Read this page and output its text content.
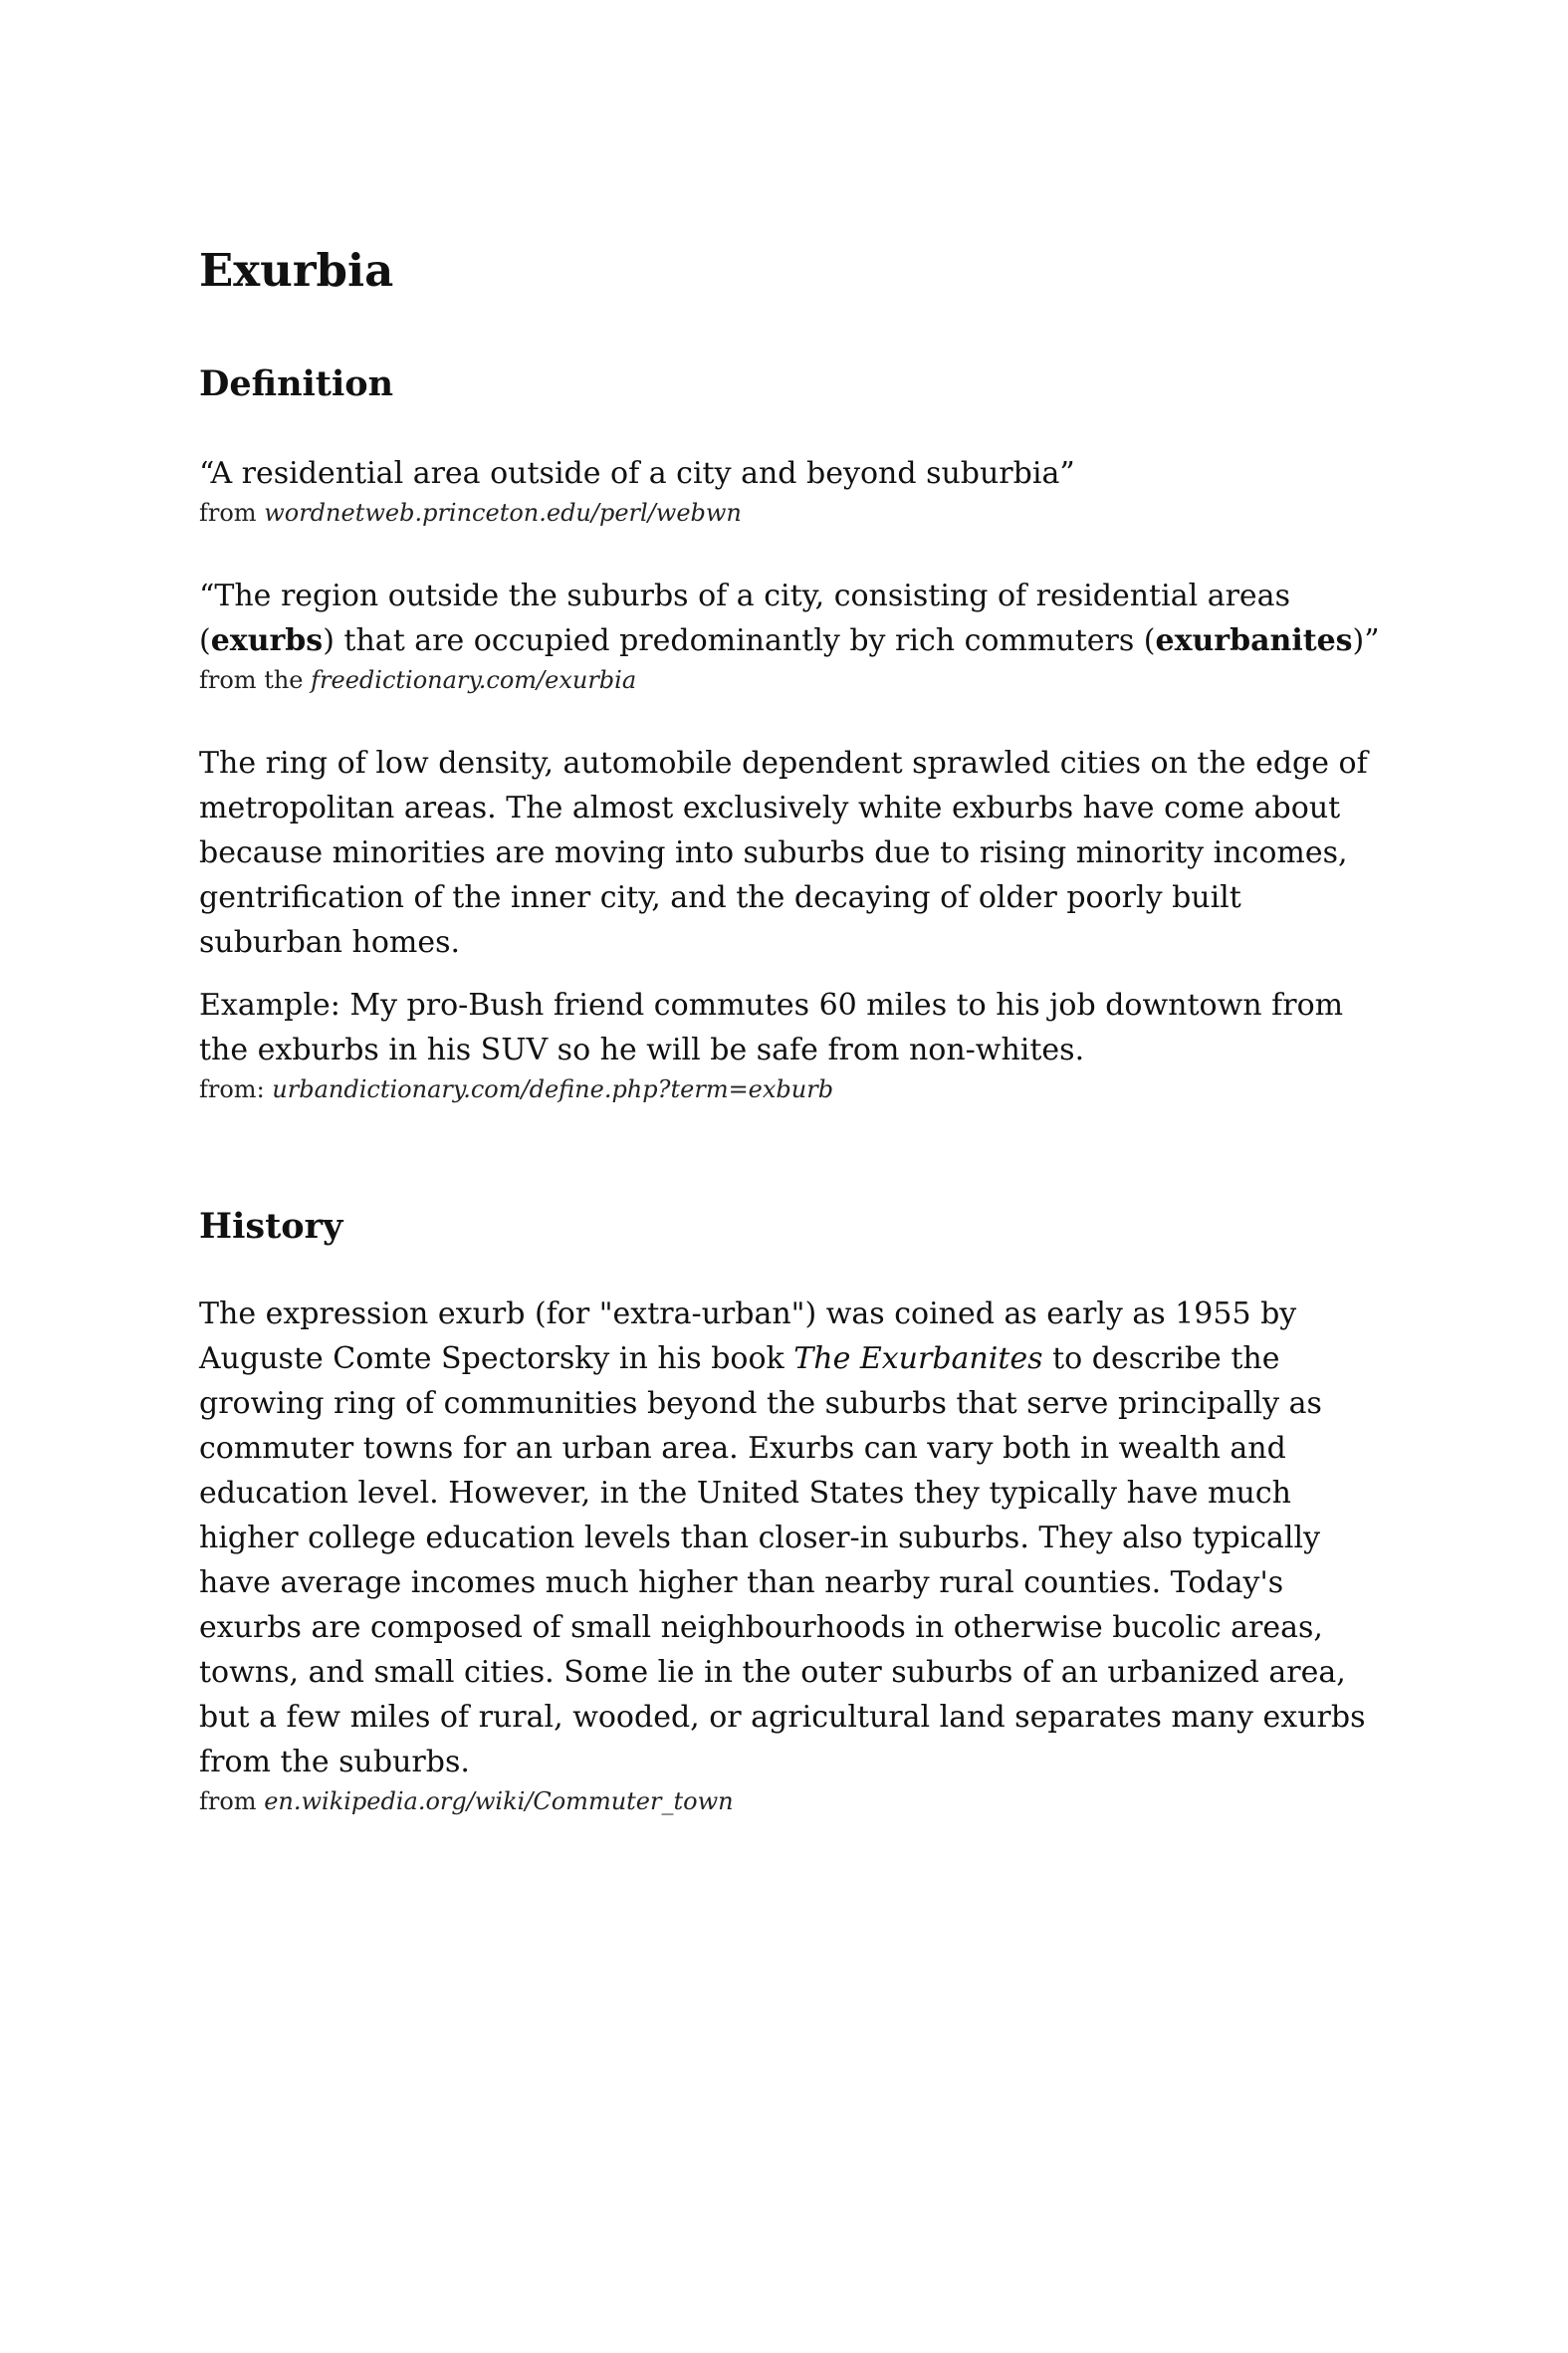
Exurbia
Definition

“A residential area outside of a city and beyond suburbia”

from wordnetweb.princeton.edu/perl/webwn

“The region outside the suburbs of a city, consisting of residential areas (exurbs) that are occupied predominantly by rich commuters (exurbanites)”

from the freedictionary.com/exurbia

The ring of low density, automobile dependent sprawled cities on the edge of metropolitan areas. The almost exclusively white exburbs have come about because minorities are moving into suburbs due to rising minority incomes, gentrification of the inner city, and the decaying of older poorly built suburban homes.

Example: My pro-Bush friend commutes 60 miles to his job downtown from the exburbs in his SUV so he will be safe from non-whites.

from: urbandictionary.com/define.php?term=exburb
History

The expression exurb (for "extra-urban") was coined as early as 1955 by Auguste Comte Spectorsky in his book The Exurbanites to describe the growing ring of communities beyond the suburbs that serve principally as commuter towns for an urban area. Exurbs can vary both in wealth and education level. However, in the United States they typically have much higher college education levels than closer-in suburbs. They also typically have average incomes much higher than nearby rural counties. Today's exurbs are composed of small neighbourhoods in otherwise bucolic areas, towns, and small cities. Some lie in the outer suburbs of an urbanized area, but a few miles of rural, wooded, or agricultural land separates many exurbs from the suburbs.

from en.wikipedia.org/wiki/Commuter_town
